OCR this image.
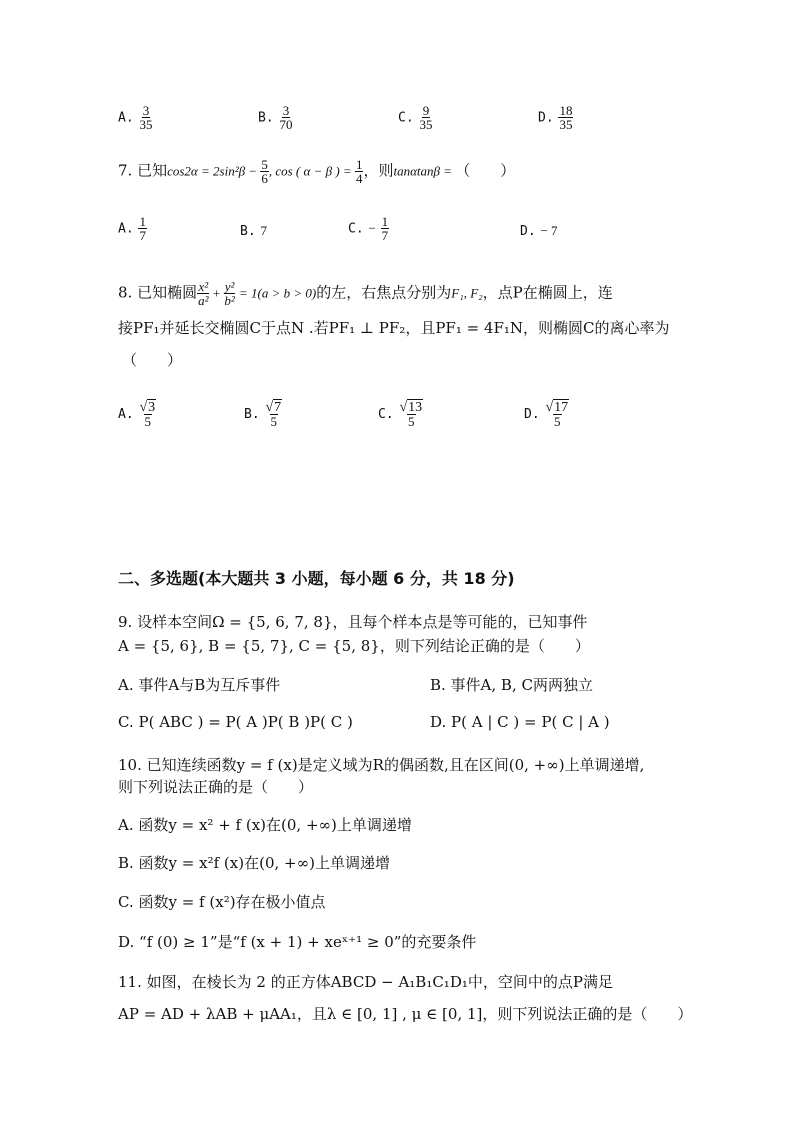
A. $\frac{3}{35}$	B. $\frac{3}{70}$	C. $\frac{9}{35}$	D. $\frac{18}{35}$
7. 已知$\cos 2\alpha = 2\sin^2\beta - \frac{5}{6}$ , cos ( α − β ) = $\frac{1}{4}$ ，则tanαtanβ = （　　）
A. $\frac{1}{7}$	B. 7	C. − $\frac{1}{7}$	D. − 7
8. 已知椭圆 $\frac{\text{x²}}{\text{a²}} + \frac{\text{y²}}{\text{b²}} = 1(a > b > 0)$的左，右焦点分别为F₁, F₂，点P在椭圆上，连
接PF₁并延长交椭圆C于点N .若PF₁ ⊥ PF₂，且PF₁ = 4F₁N，则椭圆C的离心率为
（　　）
A. $\frac{√3}{5}$	B. $\frac{√7}{5}$	C. $\frac{√13}{5}$	D. $\frac{√17}{5}$
二、多选题(本大题共 3 小题，每小题 6 分，共 18 分)
9. 设样本空间Ω = {5, 6, 7, 8}，且每个样本点是等可能的，已知事件
A = {5, 6}, B = {5, 7}, C = {5, 8}，则下列结论正确的是（　　）
A. 事件A与B为互斥事件	B. 事件A, B, C两两独立
C. P( ABC ) = P( A )P( B )P( C )	D. P( A | C ) = P( C | A )
10. 已知连续函数y = f (x)是定义域为R的偶函数,且在区间(0, +∞)上单调递增,
则下列说法正确的是（　　）
A. 函数y = x² + f (x)在(0, +∞)上单调递增
B. 函数y = x²f (x)在(0, +∞)上单调递增
C. 函数y = f (x²)存在极小值点
D. “f (0) ≥ 1”是“f (x + 1) + xeˣ⁺¹ ≥ 0”的充要条件
11. 如图，在棱长为 2 的正方体ABCD − A₁B₁C₁D₁中，空间中的点P满足
AP = AD + λAB + μAA₁，且λ ∈ [0, 1] , μ ∈ [0, 1]，则下列说法正确的是（　　）
